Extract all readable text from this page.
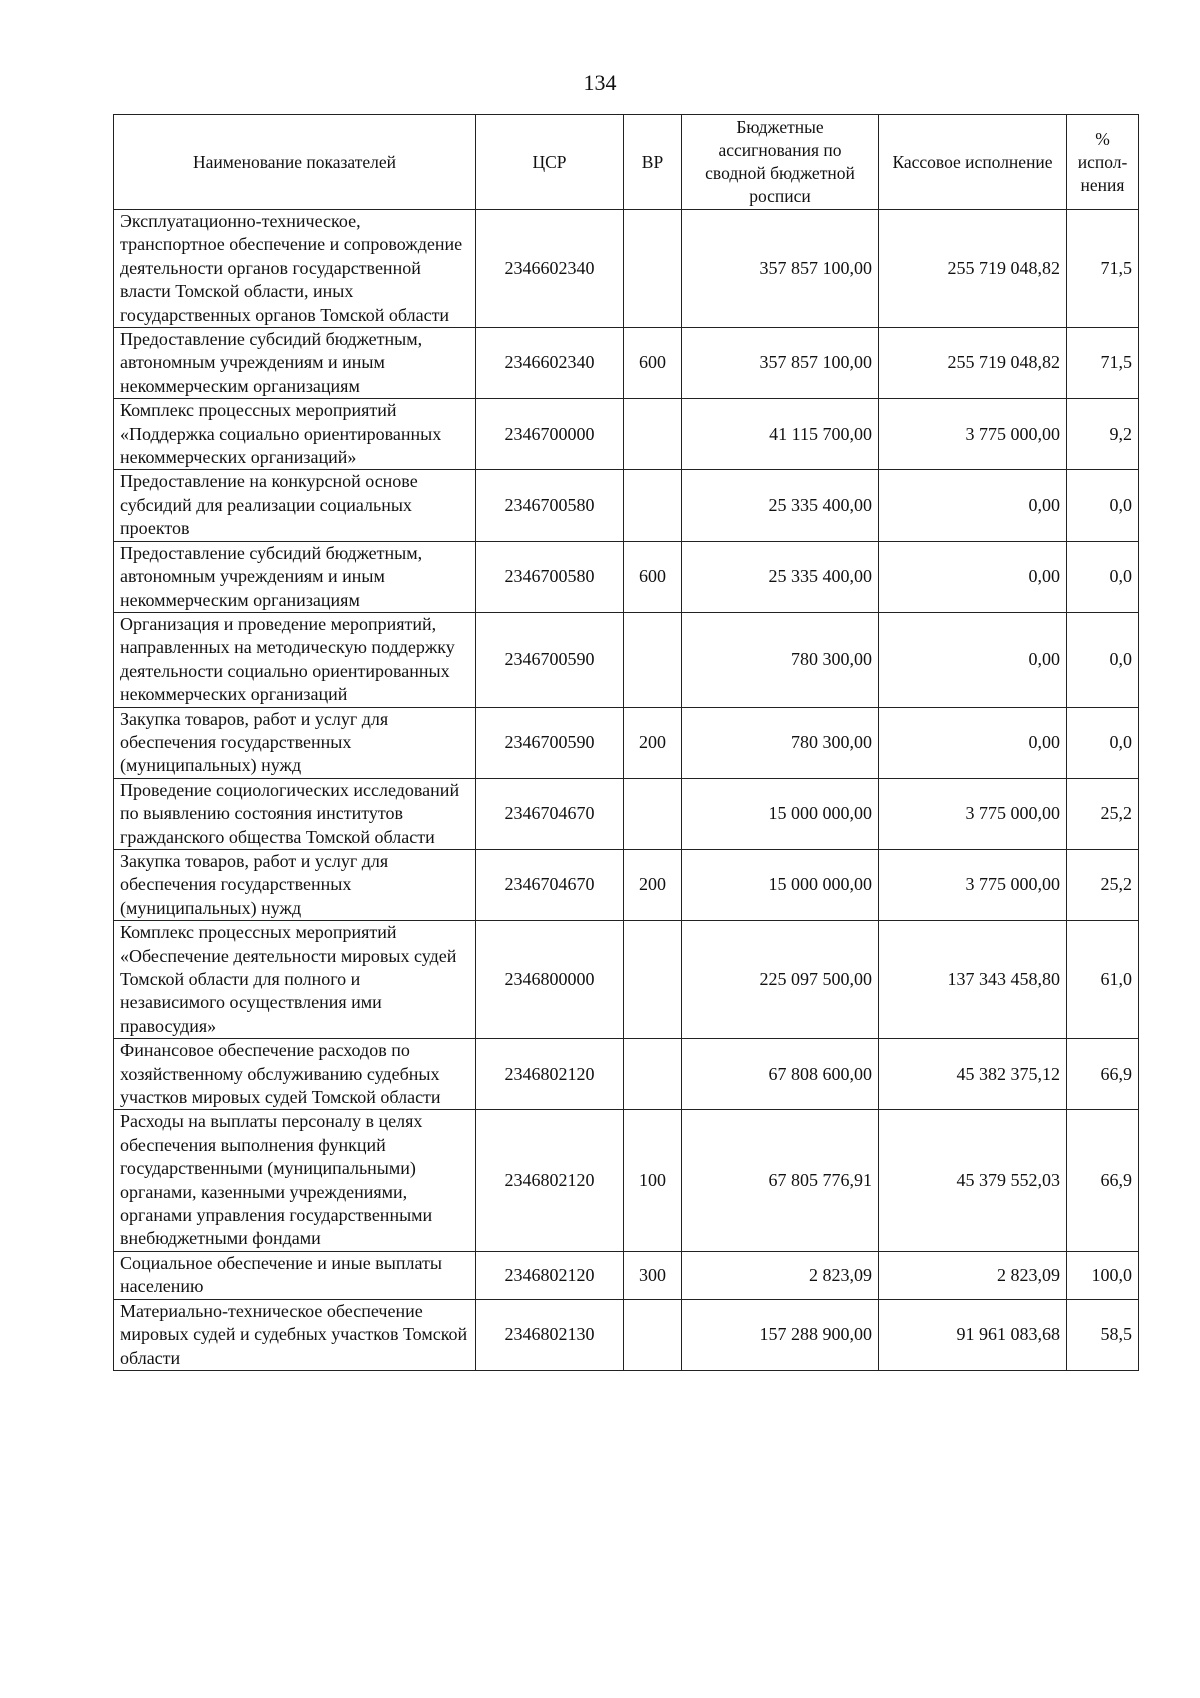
134
Наименование показателей	ЦСР	ВР	Бюджетные ассигнования по сводной бюджетной росписи	Кассовое исполнение	% испол-нения
Эксплуатационно-техническое, транспортное обеспечение и сопровождение деятельности органов государственной власти Томской области, иных государственных органов Томской области	2346602340		357 857 100,00	255 719 048,82	71,5
Предоставление субсидий бюджетным, автономным учреждениям и иным некоммерческим организациям	2346602340	600	357 857 100,00	255 719 048,82	71,5
Комплекс процессных мероприятий «Поддержка социально ориентированных некоммерческих организаций»	2346700000		41 115 700,00	3 775 000,00	9,2
Предоставление на конкурсной основе субсидий для реализации социальных проектов	2346700580		25 335 400,00	0,00	0,0
Предоставление субсидий бюджетным, автономным учреждениям и иным некоммерческим организациям	2346700580	600	25 335 400,00	0,00	0,0
Организация и проведение мероприятий, направленных на методическую поддержку деятельности социально ориентированных некоммерческих организаций	2346700590		780 300,00	0,00	0,0
Закупка товаров, работ и услуг для обеспечения государственных (муниципальных) нужд	2346700590	200	780 300,00	0,00	0,0
Проведение социологических исследований по выявлению состояния институтов гражданского общества Томской области	2346704670		15 000 000,00	3 775 000,00	25,2
Закупка товаров, работ и услуг для обеспечения государственных (муниципальных) нужд	2346704670	200	15 000 000,00	3 775 000,00	25,2
Комплекс процессных мероприятий «Обеспечение деятельности мировых судей Томской области для полного и независимого осуществления ими правосудия»	2346800000		225 097 500,00	137 343 458,80	61,0
Финансовое обеспечение расходов по хозяйственному обслуживанию судебных участков мировых судей Томской области	2346802120		67 808 600,00	45 382 375,12	66,9
Расходы на выплаты персоналу в целях обеспечения выполнения функций государственными (муниципальными) органами, казенными учреждениями, органами управления государственными внебюджетными фондами	2346802120	100	67 805 776,91	45 379 552,03	66,9
Социальное обеспечение и иные выплаты населению	2346802120	300	2 823,09	2 823,09	100,0
Материально-техническое обеспечение мировых судей и судебных участков Томской области	2346802130		157 288 900,00	91 961 083,68	58,5
